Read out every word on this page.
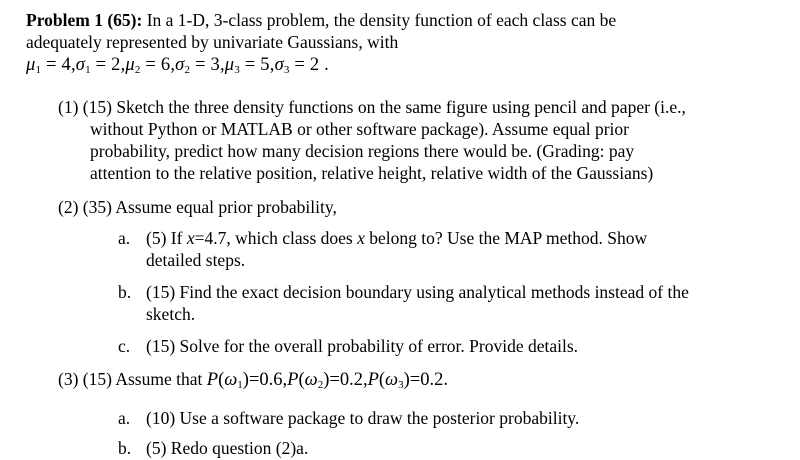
Problem 1 (65): In a 1-D, 3-class problem, the density function of each class can be
adequately represented by univariate Gaussians, with
$\mu_1 = 4,\sigma_1 = 2,\mu_2 = 6,\sigma_2 = 3,\mu_3 = 5,\sigma_3 = 2$ .
(1) (15) Sketch the three density functions on the same figure using pencil and paper (i.e.,
without Python or MATLAB or other software package). Assume equal prior
probability, predict how many decision regions there would be. (Grading: pay
attention to the relative position, relative height, relative width of the Gaussians)
(2) (35) Assume equal prior probability,
a. (5) If x=4.7, which class does x belong to? Use the MAP method. Show
detailed steps.
b. (15) Find the exact decision boundary using analytical methods instead of the
sketch.
c. (15) Solve for the overall probability of error. Provide details.
(3) (15) Assume that $P(\omega_1)=0.6,P(\omega_2)=0.2,P(\omega_3)=0.2$.
a. (10) Use a software package to draw the posterior probability.
b. (5) Redo question (2)a.
